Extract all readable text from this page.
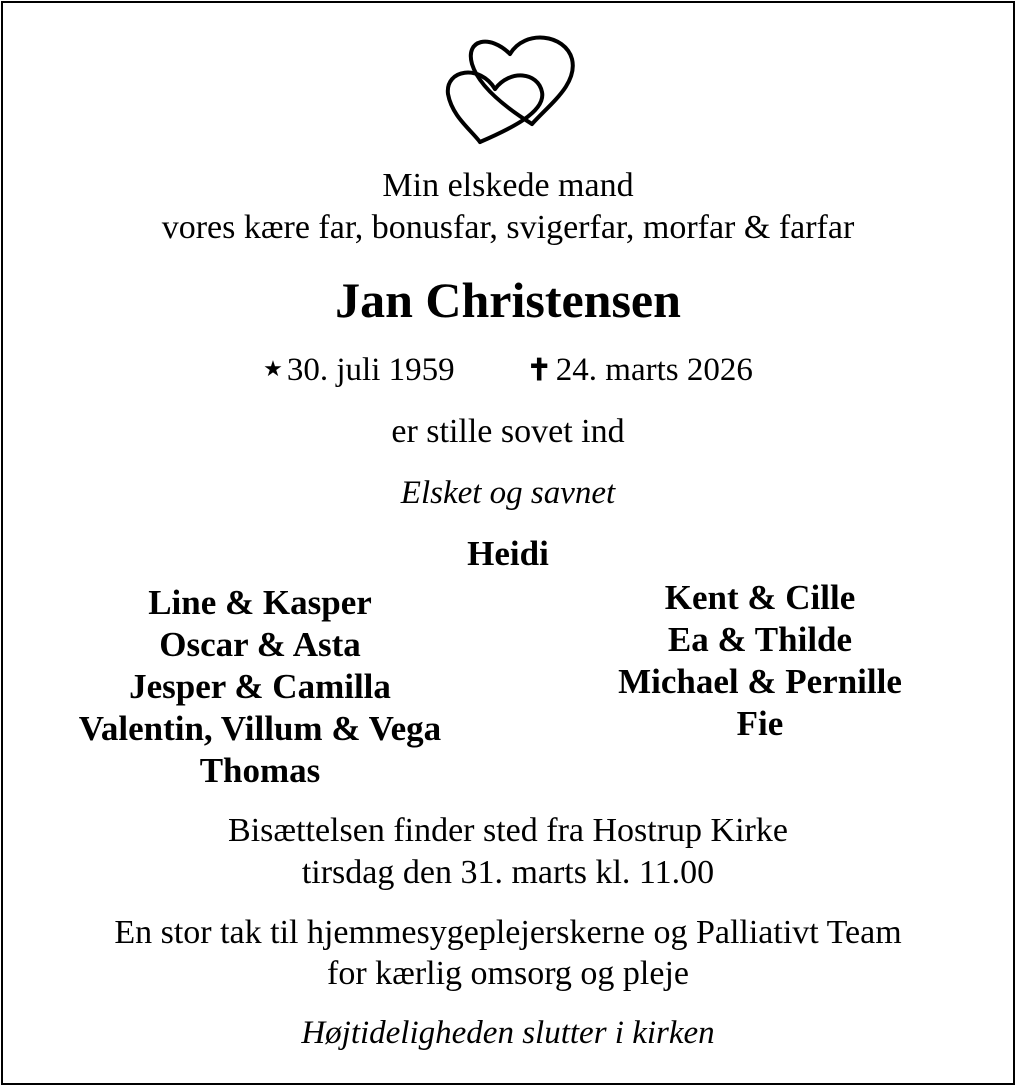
Min elskede mand
vores kære far, bonusfar, svigerfar, morfar & farfar
Jan Christensen
★ 30. juli 1959 ✝ 24. marts 2026
er stille sovet ind
Elsket og savnet
Heidi
Line & Kasper
Oscar & Asta
Jesper & Camilla
Valentin, Villum & Vega
Thomas
Kent & Cille
Ea & Thilde
Michael & Pernille
Fie
Bisættelsen finder sted fra Hostrup Kirke
tirsdag den 31. marts kl. 11.00
En stor tak til hjemmesygeplejerskerne og Palliativt Team
for kærlig omsorg og pleje
Højtideligheden slutter i kirken
